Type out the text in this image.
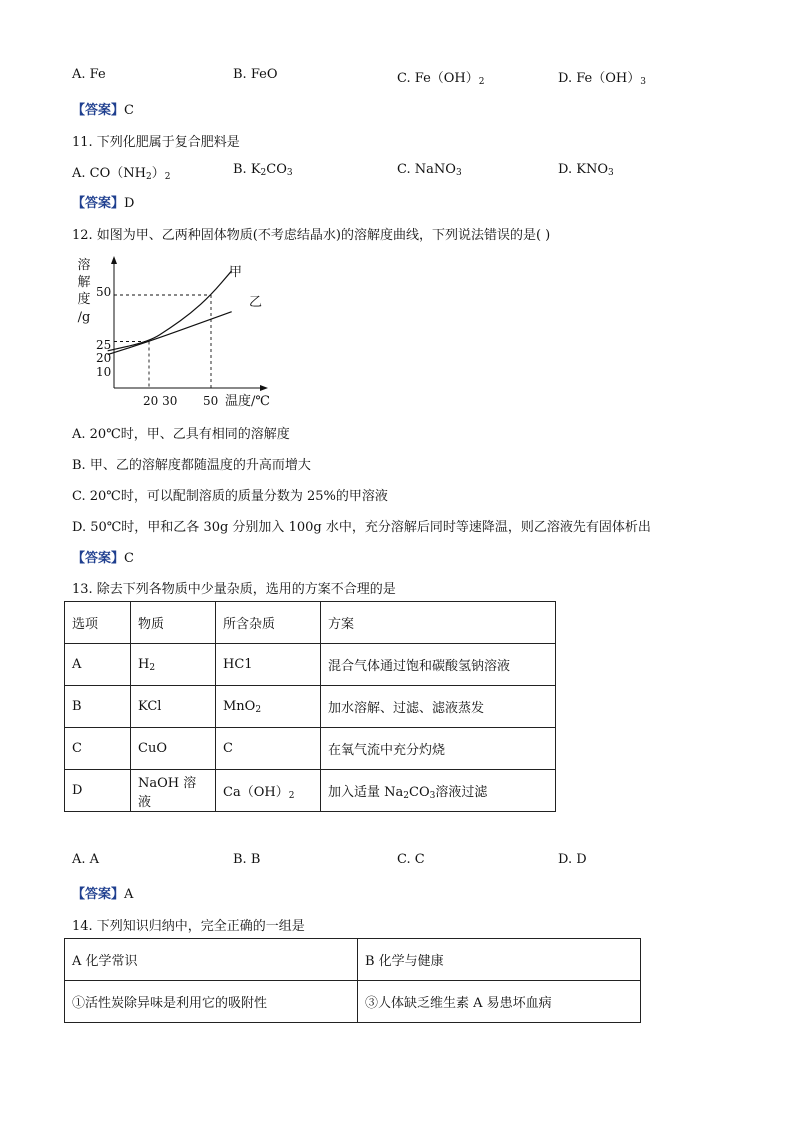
A. Fe	B. FeO	C. $Fe(OH)_2$	D. $Fe(OH)_3$
【答案】C
11. 下列化肥属于复合肥料是
A. $CO(NH_2)_2$	B. $K_2CO_3$	C. NaNO$_3$	D. $KNO_3$
【答案】D
12. 如图为甲、乙两种固体物质(不考虑结晶水)的溶解度曲线，下列说法错误的是( )
溶
解
度
/g
10
20
25
50
20 30 50 温度/℃
甲
乙
A. 20℃时，甲、乙具有相同的溶解度
B. 甲、乙的溶解度都随温度的升高而增大
C. 20℃时，可以配制溶质的质量分数为 25%的甲溶液
D. 50℃时，甲和乙各 30g 分别加入 100g 水中，充分溶解后同时等速降温，则乙溶液先有固体析出
【答案】C
13. 除去下列各物质中少量杂质，选用的方案不合理的是
选项	物质	所含杂质	方案
A	$H_2$	HC1	混合气体通过饱和碳酸氢钠溶液
B	KCl	MnO$_2$	加水溶解、过滤、滤液蒸发
C	CuO	C	在氧气流中充分灼烧
D	NaOH 溶液	$Ca(OH)_2$	加入适量 $Na_2CO_3$溶液过滤
A. A	B. B	C. C	D. D
【答案】A
14. 下列知识归纳中，完全正确的一组是
A 化学常识	B 化学与健康
①活性炭除异味是利用它的吸附性	③人体缺乏维生素 A 易患坏血病
